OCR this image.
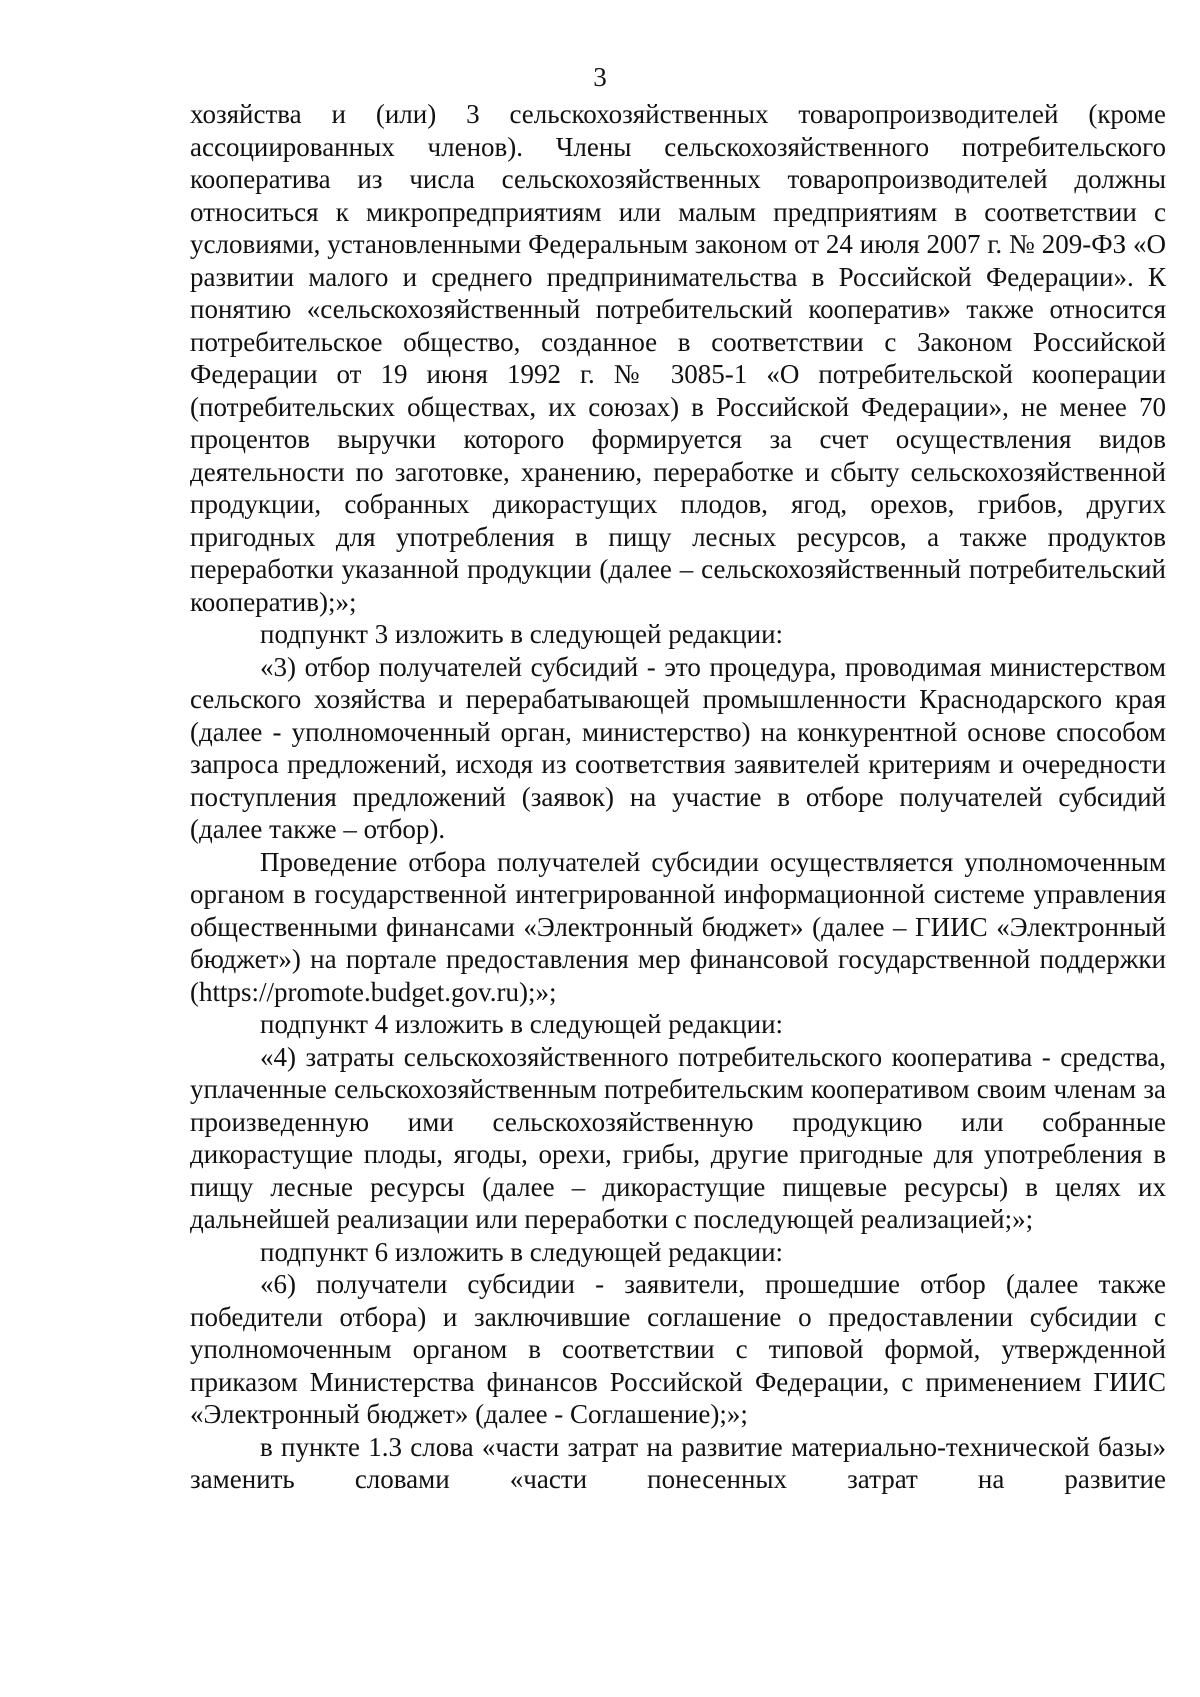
3

хозяйства и (или) 3 сельскохозяйственных товаропроизводителей (кроме ассоциированных членов). Члены сельскохозяйственного потребительского кооператива из числа сельскохозяйственных товаропроизводителей должны относиться к микропредприятиям или малым предприятиям в соответствии с условиями, установленными Федеральным законом от 24 июля 2007 г. № 209-ФЗ «О развитии малого и среднего предпринимательства в Российской Федерации». К понятию «сельскохозяйственный потребительский кооператив» также относится потребительское общество, созданное в соответствии с Законом Российской Федерации от 19 июня 1992 г. № 3085-1 «О потребительской кооперации (потребительских обществах, их союзах) в Российской Федерации», не менее 70 процентов выручки которого формируется за счет осуществления видов деятельности по заготовке, хранению, переработке и сбыту сельскохозяйственной продукции, собранных дикорастущих плодов, ягод, орехов, грибов, других пригодных для употребления в пищу лесных ресурсов, а также продуктов переработки указанной продукции (далее – сельскохозяйственный потребительский кооператив);»;

подпункт 3 изложить в следующей редакции:

«3) отбор получателей субсидий - это процедура, проводимая министерством сельского хозяйства и перерабатывающей промышленности Краснодарского края (далее - уполномоченный орган, министерство) на конкурентной основе способом запроса предложений, исходя из соответствия заявителей критериям и очередности поступления предложений (заявок) на участие в отборе получателей субсидий (далее также – отбор).

Проведение отбора получателей субсидии осуществляется уполномоченным органом в государственной интегрированной информационной системе управления общественными финансами «Электронный бюджет» (далее – ГИИС «Электронный бюджет») на портале предоставления мер финансовой государственной поддержки (https://promote.budget.gov.ru);»;

подпункт 4 изложить в следующей редакции:

«4) затраты сельскохозяйственного потребительского кооператива - средства, уплаченные сельскохозяйственным потребительским кооперативом своим членам за произведенную ими сельскохозяйственную продукцию или собранные дикорастущие плоды, ягоды, орехи, грибы, другие пригодные для употребления в пищу лесные ресурсы (далее – дикорастущие пищевые ресурсы) в целях их дальнейшей реализации или переработки с последующей реализацией;»;

подпункт 6 изложить в следующей редакции:

«6) получатели субсидии - заявители, прошедшие отбор (далее также победители отбора) и заключившие соглашение о предоставлении субсидии с уполномоченным органом в соответствии с типовой формой, утвержденной приказом Министерства финансов Российской Федерации, с применением ГИИС «Электронный бюджет» (далее - Соглашение);»;

в пункте 1.3 слова «части затрат на развитие материально-технической базы» заменить словами «части понесенных затрат на развитие
